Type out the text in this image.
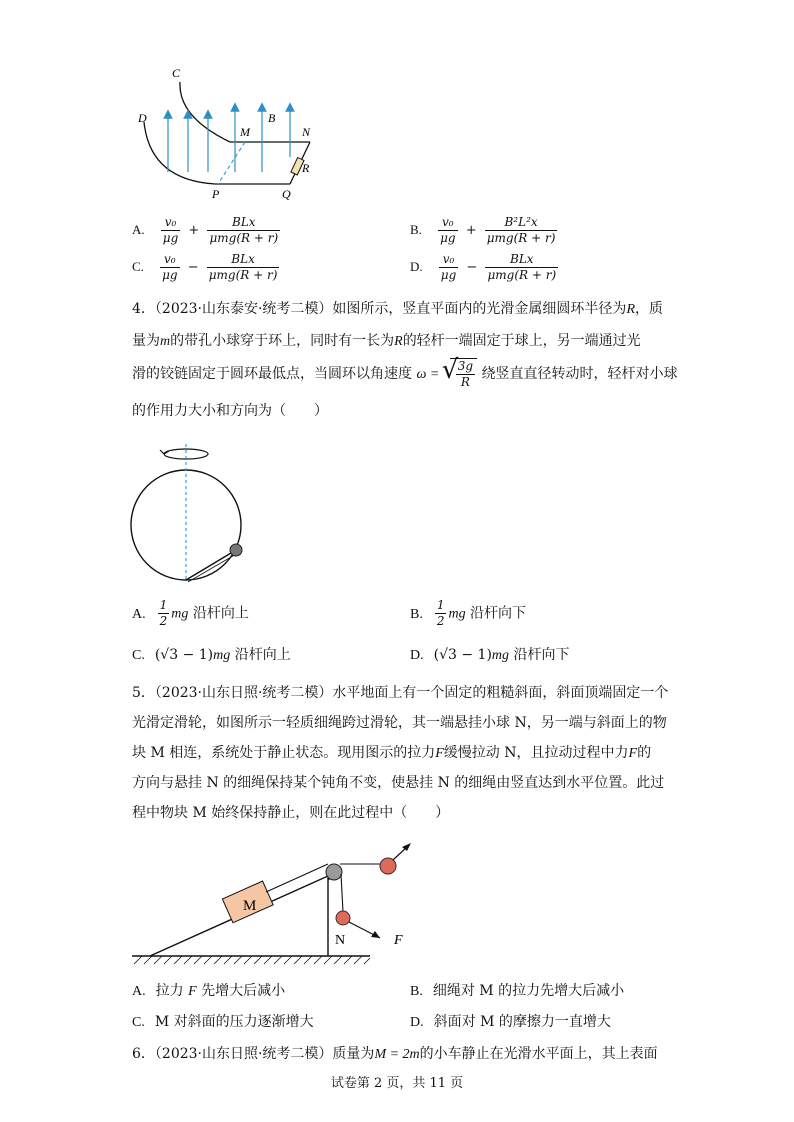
C
D
M
B
N
R
P	Q
A. $\frac{\text{v₀}}{\mu g} + \frac{\text{BLx}}{\text{μmg(R + r)}}$	B. $\frac{\text{v₀}}{\mu g} + \frac{\text{B²L²x}}{\text{μmg(R + r)}}$
C. $\frac{\text{v₀}}{\mu g} - \frac{\text{BLx}}{\text{μmg(R + r)}}$	D. $\frac{\text{v₀}}{\mu g} - \frac{\text{BLx}}{\text{μmg(R + r)}}$
4．（2023·山东泰安·统考二模）如图所示，竖直平面内的光滑金属细圆环半径为R，质
量为m的带孔小球穿于环上，同时有一长为R的轻杆一端固定于球上，另一端通过光
滑的铰链固定于圆环最低点，当圆环以角速度 ω = √
$\frac{3g}{R}$ 绕竖直直径转动时，轻杆对小球
的作用力大小和方向为（　　）
A. $\frac{1}{2}$ mg 沿杆向上	B. $\frac{1}{2}$ mg 沿杆向下
C. (√3 − 1)mg 沿杆向上	D. (√3 − 1)mg 沿杆向下
5．（2023·山东日照·统考二模）水平地面上有一个固定的粗糙斜面，斜面顶端固定一个
光滑定滑轮，如图所示一轻质细绳跨过滑轮，其一端悬挂小球 N，另一端与斜面上的物
块 M 相连，系统处于静止状态。现用图示的拉力F缓慢拉动 N，且拉动过程中力F的
方向与悬挂 N 的细绳保持某个钝角不变，使悬挂 N 的细绳由竖直达到水平位置。此过
程中物块 M 始终保持静止，则在此过程中（　　）
M
N	F
A. 拉力 F 先增大后减小	B. 细绳对 M 的拉力先增大后减小
C. M 对斜面的压力逐渐增大	D. 斜面对 M 的摩擦力一直增大
6．（2023·山东日照·统考二模）质量为M = 2m的小车静止在光滑水平面上，其上表面
试卷第 2 页，共 11 页
